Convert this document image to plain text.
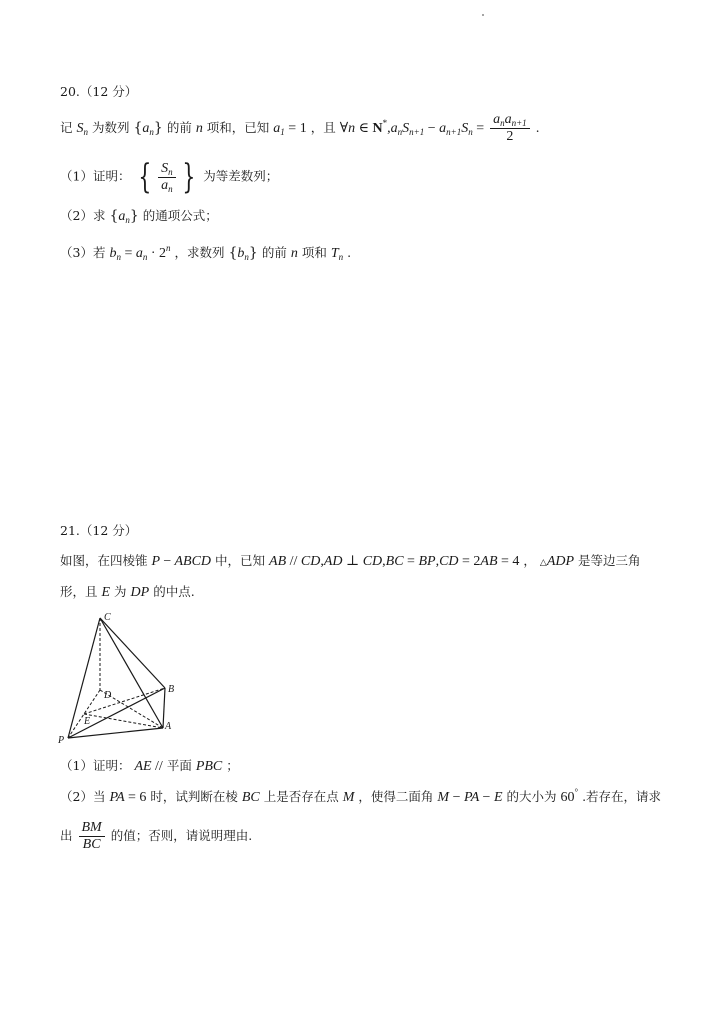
20.（12 分）
记 $S_n$ 为数列 $\{a_n\}$ 的前 n 项和，已知 $a_1 = 1$ ，且 ∀n ∈ $N^*,a_nS_{n+1} - a_{n+1}S_n = \frac{a_na_{n+1}}{2}$ .
（1）证明： { $\frac{S_n}{a_n}$ } 为等差数列；
（2）求 $\{a_n\}$ 的通项公式；
（3）若 $b_n = a_n \cdot 2^n$ ，求数列 $\{b_n\}$ 的前 n 项和 $T_n$ .
21.（12 分）
如图，在四棱锥 P − ABCD 中，已知 AB // CD,AD ⊥ CD,BC = BP,CD = 2AB = 4 ， △ADP 是等边三角
形，且 E 为 DP 的中点.
C
D
B
E	A
P
（1）证明： AE // 平面 PBC ；
（2）当 PA = 6 时，试判断在棱 BC 上是否存在点 M ，使得二面角 M − PA − E 的大小为 60° .若存在，请求
出 $\frac{BM}{BC}$ 的值；否则，请说明理由.
